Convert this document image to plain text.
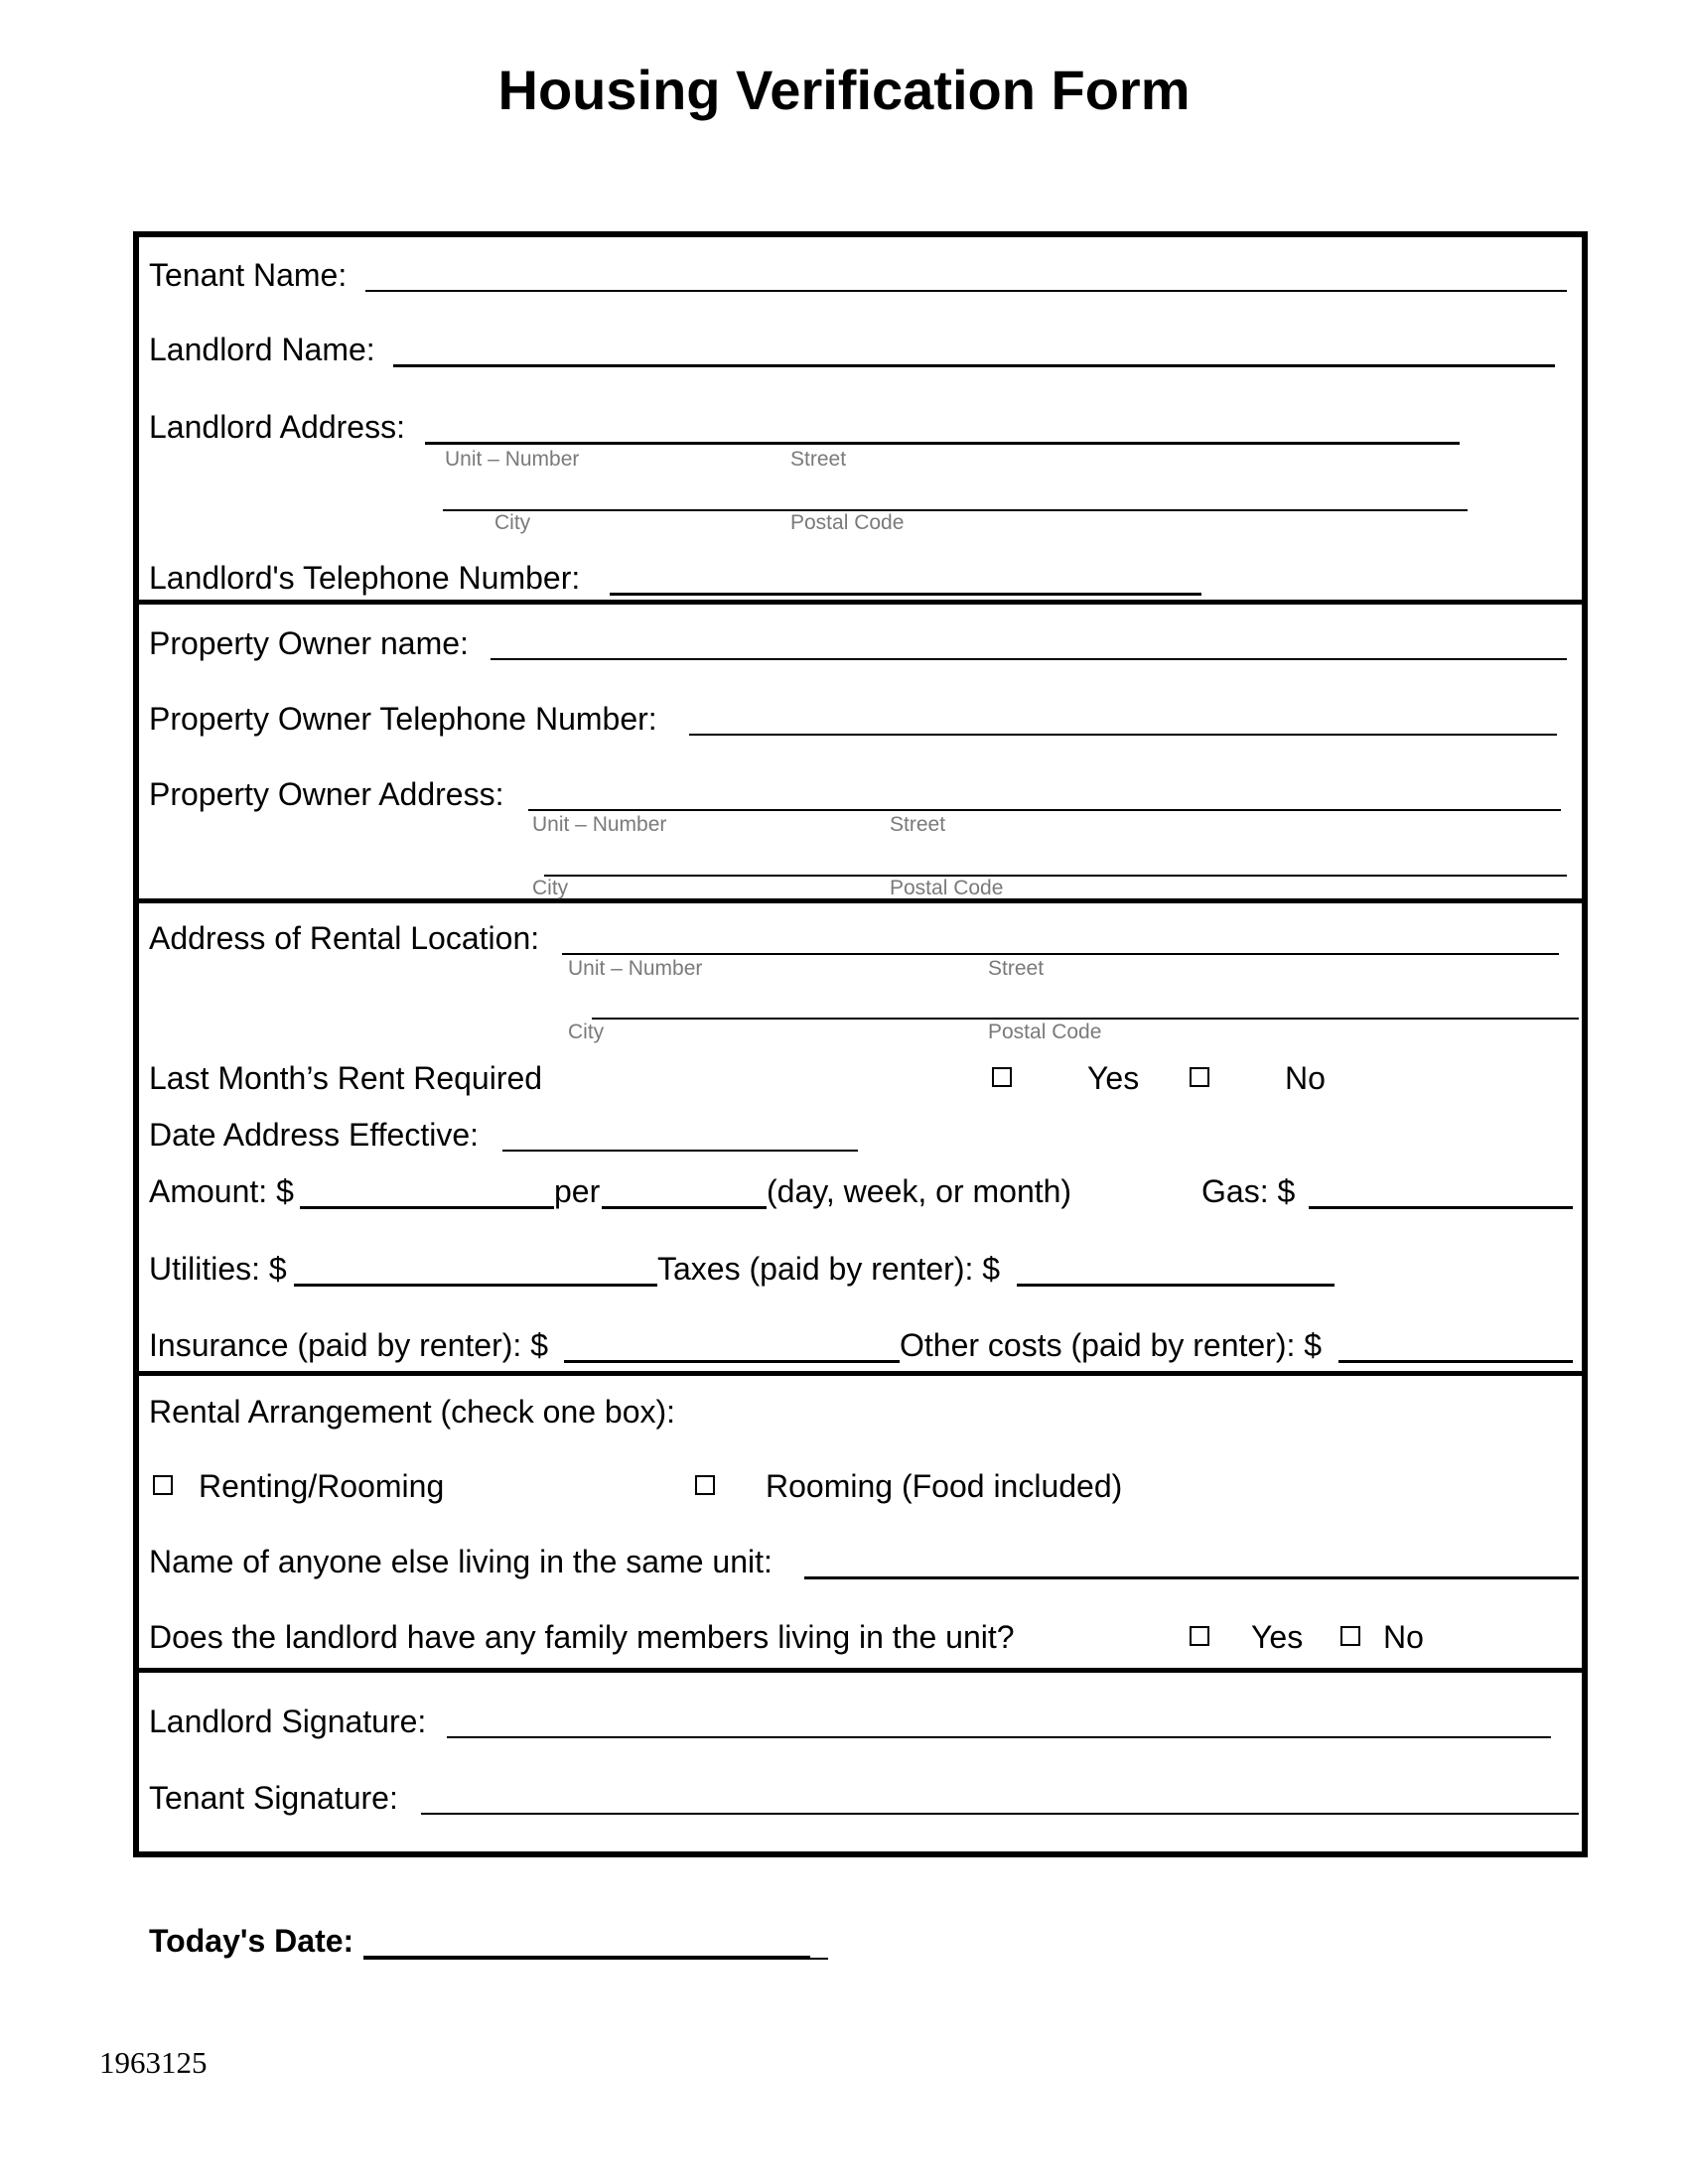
Housing Verification Form
Tenant Name:
Landlord Name:
Landlord Address:
Unit – Number	Street
City	Postal Code
Landlord's Telephone Number:
Property Owner name:
Property Owner Telephone Number:
Property Owner Address:
Unit – Number	Street
City	Postal Code
Address of Rental Location:
Unit – Number	Street
City	Postal Code
Last Month’s Rent Required	Yes	No
Date Address Effective:
Amount: $	per	(day, week, or month)	Gas: $
Utilities: $	Taxes (paid by renter): $
Insurance (paid by renter): $	Other costs (paid by renter): $
Rental Arrangement (check one box):
Renting/Rooming	Rooming (Food included)
Name of anyone else living in the same unit:
Does the landlord have any family members living in the unit?	Yes	No
Landlord Signature:
Tenant Signature:
Today's Date:
1963125
